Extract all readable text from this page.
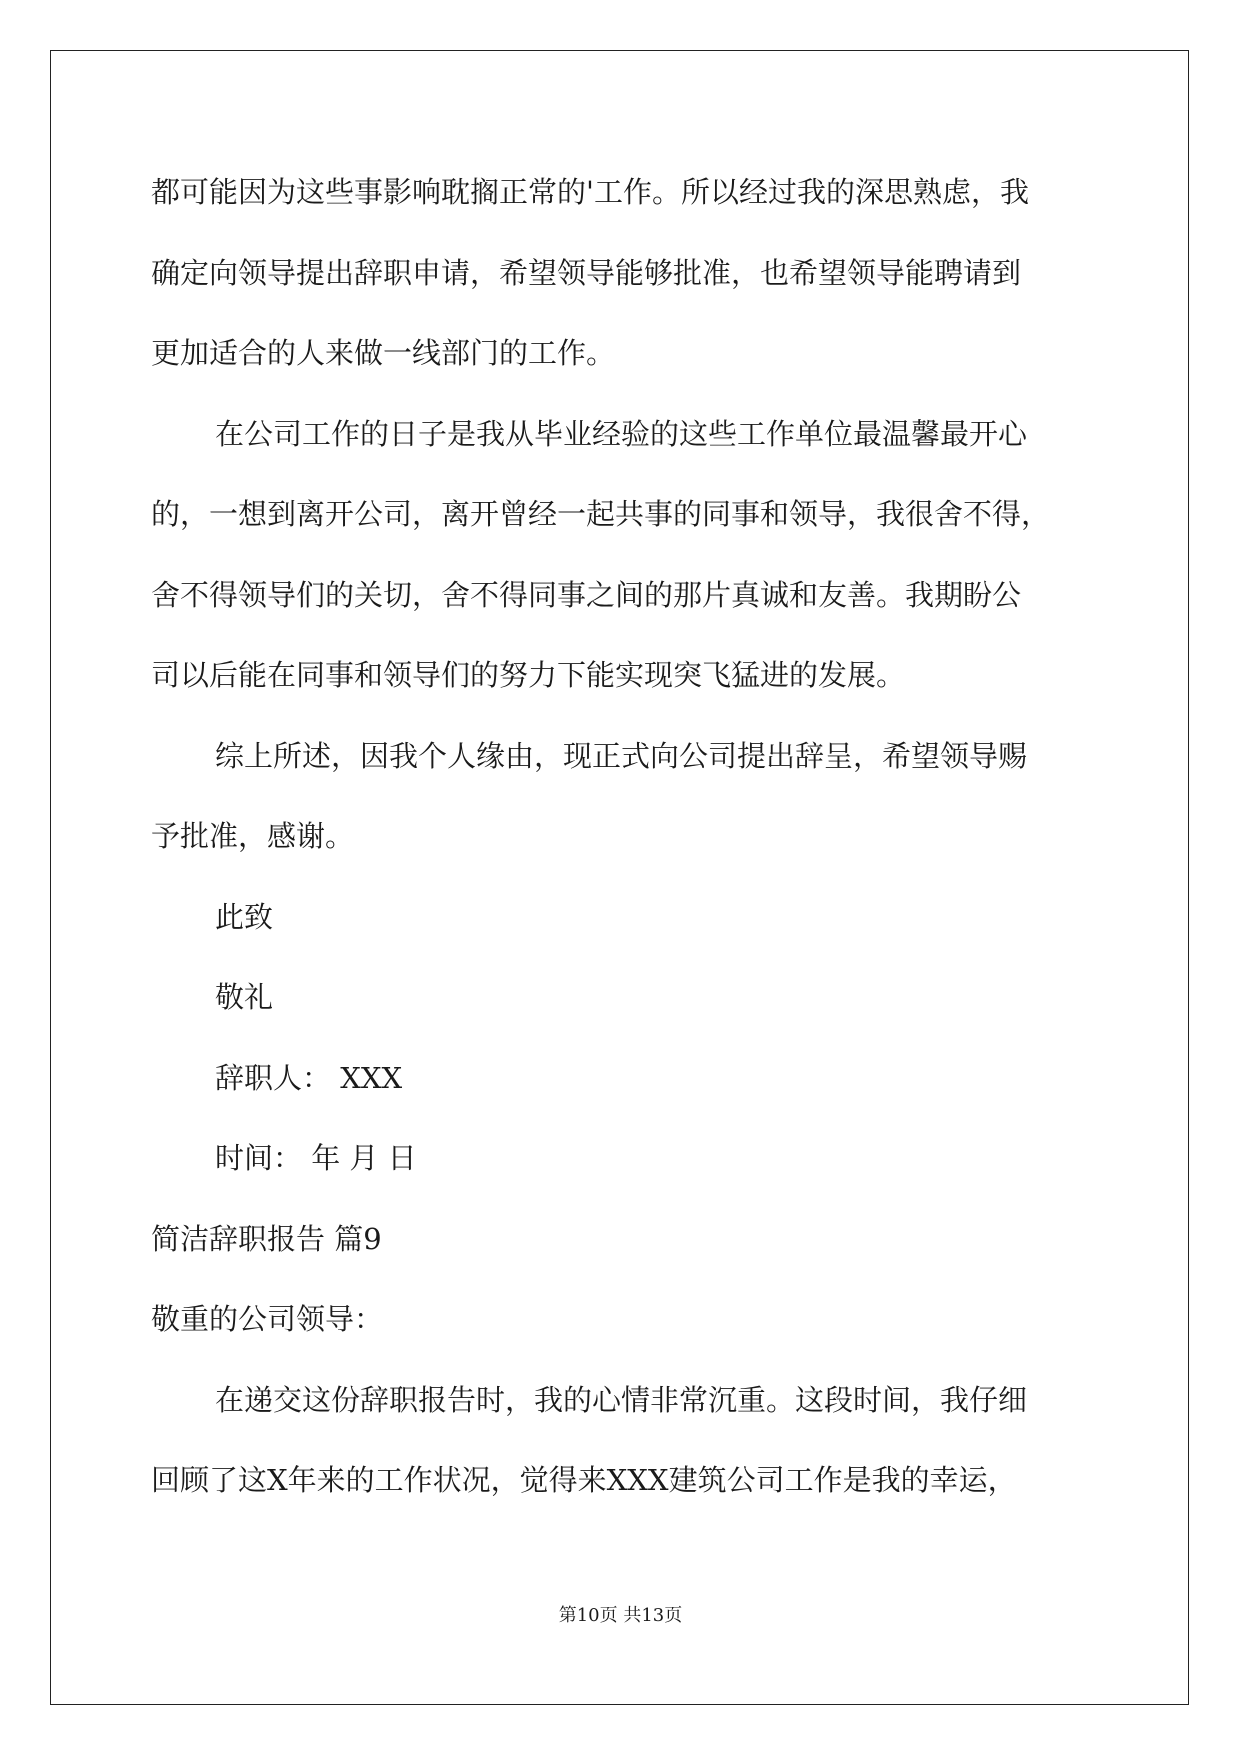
都可能因为这些事影响耽搁正常的'工作。所以经过我的深思熟虑，我
确定向领导提出辞职申请，希望领导能够批准，也希望领导能聘请到
更加适合的人来做一线部门的工作。
在公司工作的日子是我从毕业经验的这些工作单位最温馨最开心
的，一想到离开公司，离开曾经一起共事的同事和领导，我很舍不得，
舍不得领导们的关切，舍不得同事之间的那片真诚和友善。我期盼公
司以后能在同事和领导们的努力下能实现突飞猛进的发展。
综上所述，因我个人缘由，现正式向公司提出辞呈，希望领导赐
予批准，感谢。
此致
敬礼
辞职人： XXX
时间： 年 月 日
简洁辞职报告 篇9
敬重的公司领导：
在递交这份辞职报告时，我的心情非常沉重。这段时间，我仔细
回顾了这X年来的工作状况，觉得来XXX建筑公司工作是我的幸运，
第10页 共13页
